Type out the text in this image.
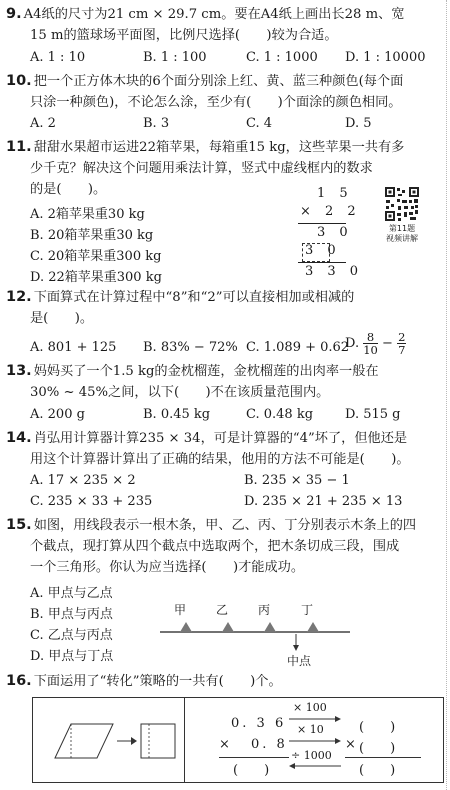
9. A4纸的尺寸为21 cm × 29.7 cm。要在A4纸上画出长28 m、宽
15 m的篮球场平面图，比例尺选择(　　)较为合适。
A. 1 : 10	B. 1 : 100	C. 1 : 1000 D. 1 : 10000
10. 把一个正方体木块的6个面分别涂上红、黄、蓝三种颜色(每个面
只涂一种颜色)，不论怎么涂，至少有(　　)个面涂的颜色相同。
A. 2	B. 3	C. 4	D. 5
11. 甜甜水果超市运进22箱苹果，每箱重15 kg，这些苹果一共有多
少千克？解决这个问题用乘法计算，竖式中虚线框内的数求
的是(　　)。
A. 2箱苹果重30 kg
B. 20箱苹果重30 kg
C. 20箱苹果重300 kg
D. 22箱苹果重300 kg
1 5
× 2 2
3 0
3 0
3 3 0
第11题
视频讲解
12. 下面算式在计算过程中“8”和“2”可以直接相加或相减的
是(　　)。
A. 801 + 125 B. 83% − 72% C. 1.089 + 0.62
D. $\frac{8}{10} - \frac{2}{7}$
13. 妈妈买了一个1.5 kg的金枕榴莲，金枕榴莲的出肉率一般在
30% ~ 45%之间，以下(　　)不在该质量范围内。
A. 200 g	B. 0.45 kg	C. 0.48 kg D. 515 g
14. 肖弘用计算器计算235 × 34，可是计算器的“4”坏了，但他还是
用这个计算器计算出了正确的结果，他用的方法不可能是(　　)。
A. 17 × 235 × 2	B. 235 × 35 − 1
C. 235 × 33 + 235	D. 235 × 21 + 235 × 13
15. 如图，用线段表示一根木条，甲、乙、丙、丁分别表示木条上的四
个截点，现打算从四个截点中选取两个，把木条切成三段，围成
一个三角形。你认为应当选择(　　)才能成功。
A. 甲点与乙点
B. 甲点与丙点
C. 乙点与丙点
D. 甲点与丁点
甲 乙 丙	丁
中点
16. 下面运用了“转化”策略的一共有(　　)个。
0. 3 6
× 100
(　　)
× 0. 8
× 10
× (　　)
(　　)
÷ 1000
(　　)
